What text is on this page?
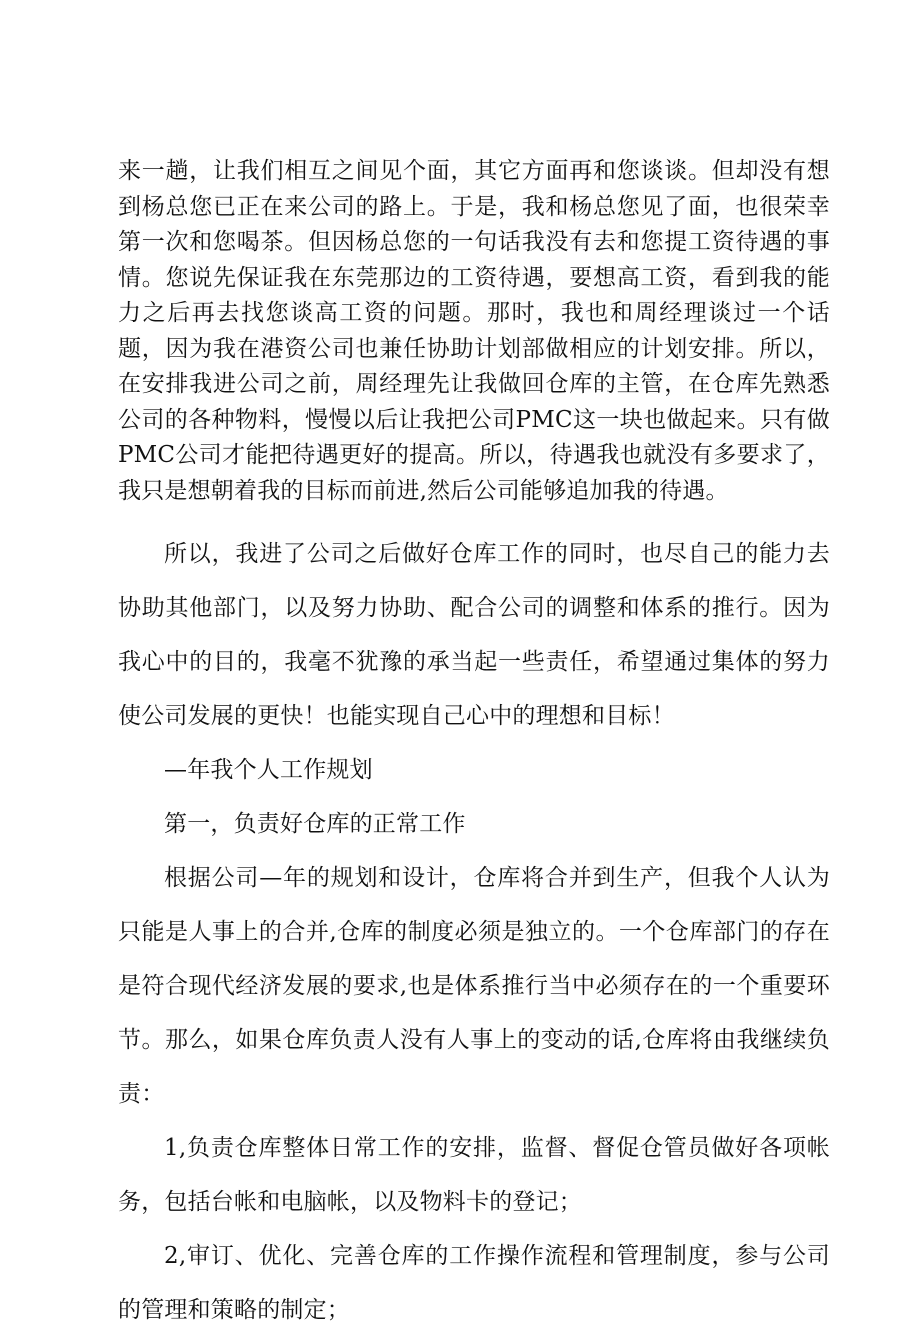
来一趟，让我们相互之间见个面，其它方面再和您谈谈。但却没有想到杨总您已正在来公司的路上。于是，我和杨总您见了面，也很荣幸第一次和您喝茶。但因杨总您的一句话我没有去和您提工资待遇的事情。您说先保证我在东莞那边的工资待遇，要想高工资，看到我的能力之后再去找您谈高工资的问题。那时，我也和周经理谈过一个话题，因为我在港资公司也兼任协助计划部做相应的计划安排。所以，在安排我进公司之前，周经理先让我做回仓库的主管，在仓库先熟悉公司的各种物料，慢慢以后让我把公司PMC这一块也做起来。只有做PMC公司才能把待遇更好的提高。所以，待遇我也就没有多要求了，我只是想朝着我的目标而前进,然后公司能够追加我的待遇。

所以，我进了公司之后做好仓库工作的同时，也尽自己的能力去协助其他部门，以及努力协助、配合公司的调整和体系的推行。因为我心中的目的，我毫不犹豫的承当起一些责任，希望通过集体的努力使公司发展的更快！也能实现自己心中的理想和目标！

—年我个人工作规划

第一，负责好仓库的正常工作

根据公司—年的规划和设计，仓库将合并到生产，但我个人认为只能是人事上的合并,仓库的制度必须是独立的。一个仓库部门的存在是符合现代经济发展的要求,也是体系推行当中必须存在的一个重要环节。那么，如果仓库负责人没有人事上的变动的话,仓库将由我继续负责：

1,负责仓库整体日常工作的安排，监督、督促仓管员做好各项帐务，包括台帐和电脑帐，以及物料卡的登记；

2,审订、优化、完善仓库的工作操作流程和管理制度，参与公司的管理和策略的制定；
